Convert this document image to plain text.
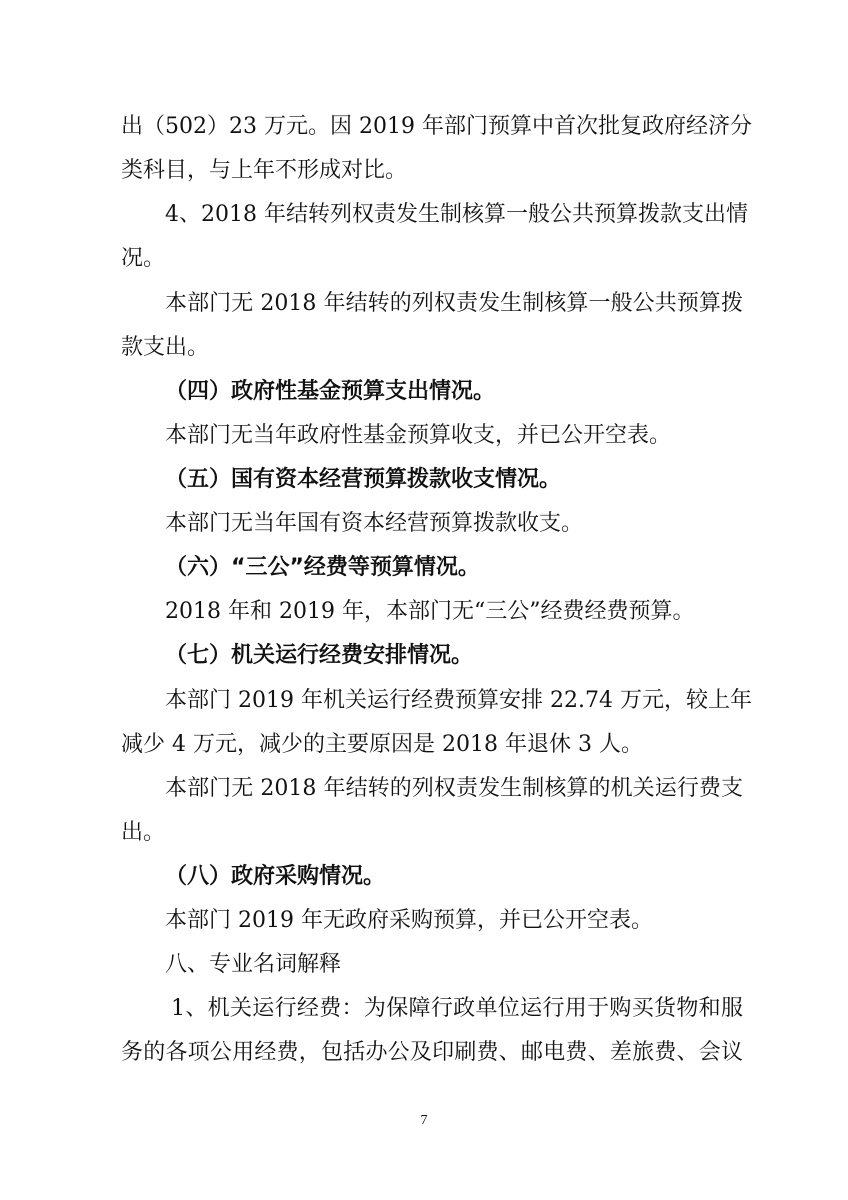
出（502）23 万元。因 2019 年部门预算中首次批复政府经济分
类科目，与上年不形成对比。
4、2018 年结转列权责发生制核算一般公共预算拨款支出情
况。
本部门无 2018 年结转的列权责发生制核算一般公共预算拨
款支出。
（四）政府性基金预算支出情况。
本部门无当年政府性基金预算收支，并已公开空表。
（五）国有资本经营预算拨款收支情况。
本部门无当年国有资本经营预算拨款收支。
（六）“三公”经费等预算情况。
2018 年和 2019 年，本部门无“三公”经费经费预算。
（七）机关运行经费安排情况。
本部门 2019 年机关运行经费预算安排 22.74 万元，较上年
减少 4 万元，减少的主要原因是 2018 年退休 3 人。
本部门无 2018 年结转的列权责发生制核算的机关运行费支
出。
（八）政府采购情况。
本部门 2019 年无政府采购预算，并已公开空表。
八、专业名词解释
1、机关运行经费：为保障行政单位运行用于购买货物和服
务的各项公用经费，包括办公及印刷费、邮电费、差旅费、会议
7
